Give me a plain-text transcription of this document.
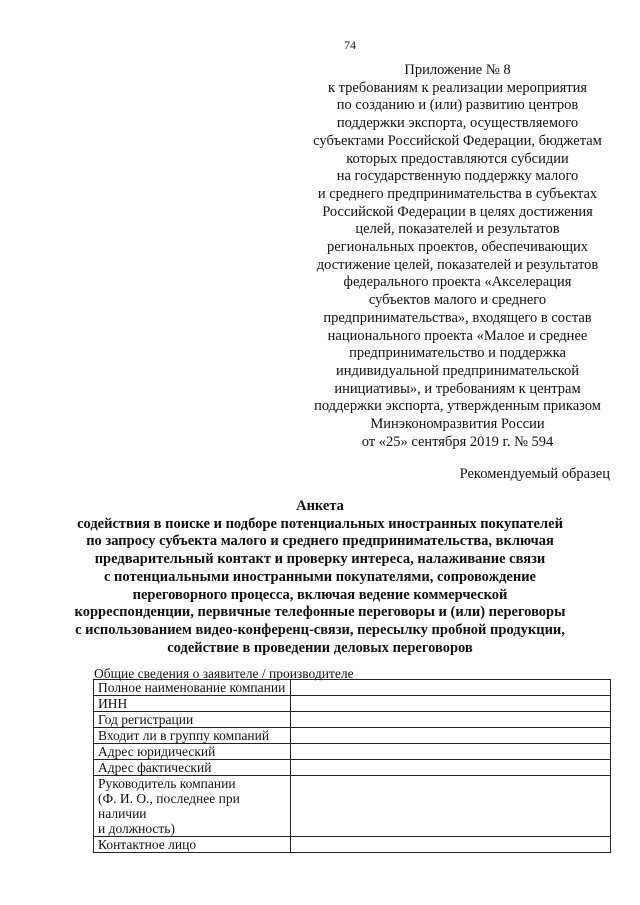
74
Приложение № 8
к требованиям к реализации мероприятия
по созданию и (или) развитию центров
поддержки экспорта, осуществляемого
субъектами Российской Федерации, бюджетам
которых предоставляются субсидии
на государственную поддержку малого
и среднего предпринимательства в субъектах
Российской Федерации в целях достижения
целей, показателей и результатов
региональных проектов, обеспечивающих
достижение целей, показателей и результатов
федерального проекта «Акселерация
субъектов малого и среднего
предпринимательства», входящего в состав
национального проекта «Малое и среднее
предпринимательство и поддержка
индивидуальной предпринимательской
инициативы», и требованиям к центрам
поддержки экспорта, утвержденным приказом
Минэкономразвития России
от «25» сентября 2019 г. № 594
Рекомендуемый образец
Анкета
содействия в поиске и подборе потенциальных иностранных покупателей
по запросу субъекта малого и среднего предпринимательства, включая
предварительный контакт и проверку интереса, налаживание связи
с потенциальными иностранными покупателями, сопровождение
переговорного процесса, включая ведение коммерческой
корреспонденции, первичные телефонные переговоры и (или) переговоры
с использованием видео-конференц-связи, пересылку пробной продукции,
содействие в проведении деловых переговоров
Общие сведения о заявителе / производителе
Полное наименование компании	
ИНН	
Год регистрации	
Входит ли в группу компаний	
Адрес юридический	
Адрес фактический	
Руководитель компании
(Ф. И. О., последнее при наличии
и должность)	
Контактное лицо	
